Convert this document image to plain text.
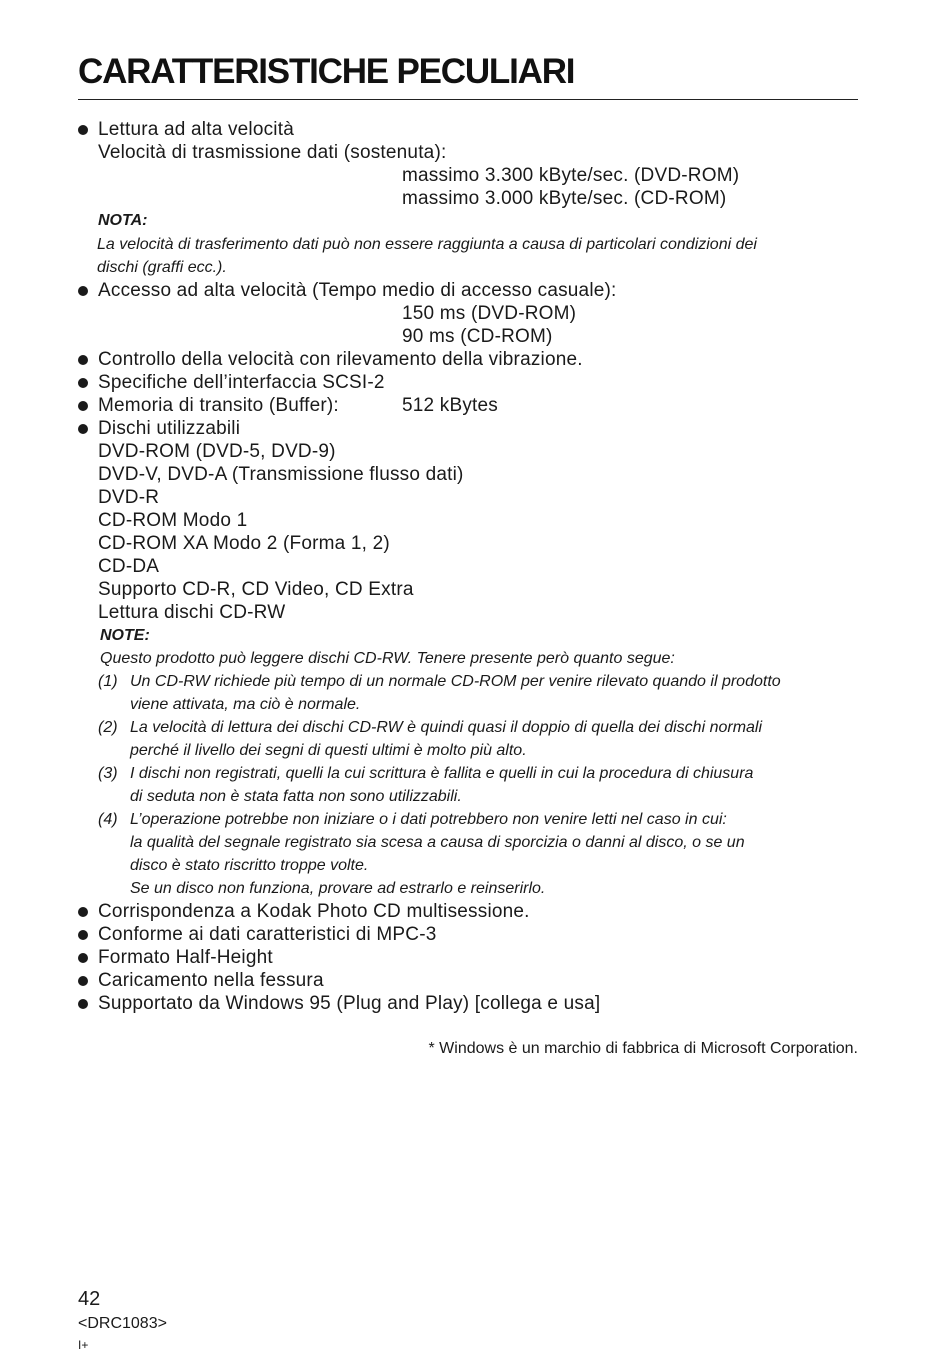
CARATTERISTICHE PECULIARI
Lettura ad alta velocità
Velocità di trasmissione dati (sostenuta):
massimo 3.300 kByte/sec. (DVD-ROM)
massimo 3.000 kByte/sec. (CD-ROM)
NOTA:
La velocità di trasferimento dati può non essere raggiunta a causa di particolari condizioni dei
dischi (graffi ecc.).
Accesso ad alta velocità (Tempo medio di accesso casuale):
150 ms (DVD-ROM)
90 ms (CD-ROM)
Controllo della velocità con rilevamento della vibrazione.
Specifiche dell’interfaccia SCSI-2
Memoria di transito (Buffer):	512 kBytes
Dischi utilizzabili
DVD-ROM (DVD-5, DVD-9)
DVD-V, DVD-A (Transmissione flusso dati)
DVD-R
CD-ROM Modo 1
CD-ROM XA Modo 2 (Forma 1, 2)
CD-DA
Supporto CD-R, CD Video, CD Extra
Lettura dischi CD-RW
NOTE:
Questo prodotto può leggere dischi CD-RW. Tenere presente però quanto segue:
(1) Un CD-RW richiede più tempo di un normale CD-ROM per venire rilevato quando il prodotto
viene attivata, ma ciò è normale.
(2) La velocità di lettura dei dischi CD-RW è quindi quasi il doppio di quella dei dischi normali
perché il livello dei segni di questi ultimi è molto più alto.
(3) I dischi non registrati, quelli la cui scrittura è fallita e quelli in cui la procedura di chiusura
di seduta non è stata fatta non sono utilizzabili.
(4) L’operazione potrebbe non iniziare o i dati potrebbero non venire letti nel caso in cui:
la qualità del segnale registrato sia scesa a causa di sporcizia o danni al disco, o se un
disco è stato riscritto troppe volte.
Se un disco non funziona, provare ad estrarlo e reinserirlo.
Corrispondenza a Kodak Photo CD multisessione.
Conforme ai dati caratteristici di MPC-3
Formato Half-Height
Caricamento nella fessura
Supportato da Windows 95 (Plug and Play) [collega e usa]
* Windows è un marchio di fabbrica di Microsoft Corporation.
42
<DRC1083>
I+
